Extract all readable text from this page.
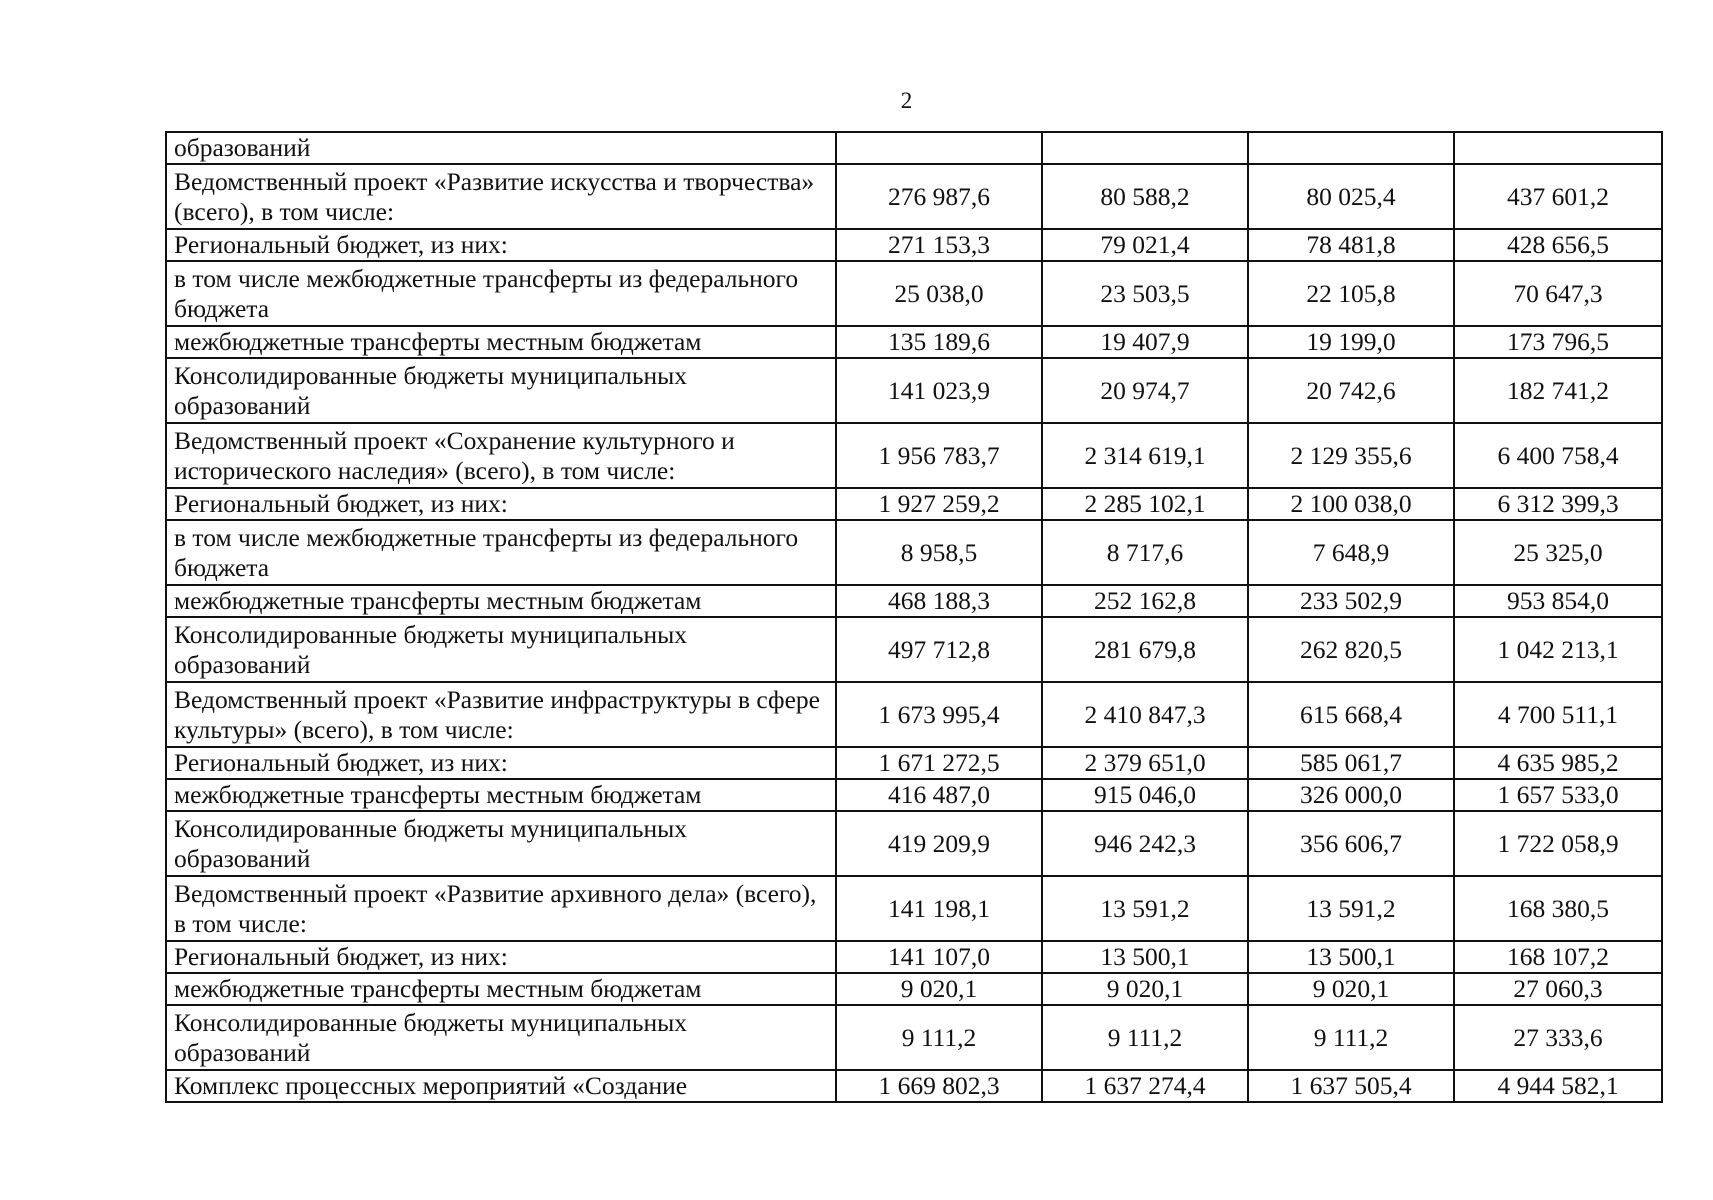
2
образований				
Ведомственный проект «Развитие искусства и творчества» (всего), в том числе:	276 987,6	80 588,2	80 025,4	437 601,2
Региональный бюджет, из них:	271 153,3	79 021,4	78 481,8	428 656,5
в том числе межбюджетные трансферты из федерального бюджета	25 038,0	23 503,5	22 105,8	70 647,3
межбюджетные трансферты местным бюджетам	135 189,6	19 407,9	19 199,0	173 796,5
Консолидированные бюджеты муниципальных образований	141 023,9	20 974,7	20 742,6	182 741,2
Ведомственный проект «Сохранение культурного и исторического наследия» (всего), в том числе:	1 956 783,7	2 314 619,1	2 129 355,6	6 400 758,4
Региональный бюджет, из них:	1 927 259,2	2 285 102,1	2 100 038,0	6 312 399,3
в том числе межбюджетные трансферты из федерального бюджета	8 958,5	8 717,6	7 648,9	25 325,0
межбюджетные трансферты местным бюджетам	468 188,3	252 162,8	233 502,9	953 854,0
Консолидированные бюджеты муниципальных образований	497 712,8	281 679,8	262 820,5	1 042 213,1
Ведомственный проект «Развитие инфраструктуры в сфере культуры» (всего), в том числе:	1 673 995,4	2 410 847,3	615 668,4	4 700 511,1
Региональный бюджет, из них:	1 671 272,5	2 379 651,0	585 061,7	4 635 985,2
межбюджетные трансферты местным бюджетам	416 487,0	915 046,0	326 000,0	1 657 533,0
Консолидированные бюджеты муниципальных образований	419 209,9	946 242,3	356 606,7	1 722 058,9
Ведомственный проект «Развитие архивного дела» (всего), в том числе:	141 198,1	13 591,2	13 591,2	168 380,5
Региональный бюджет, из них:	141 107,0	13 500,1	13 500,1	168 107,2
межбюджетные трансферты местным бюджетам	9 020,1	9 020,1	9 020,1	27 060,3
Консолидированные бюджеты муниципальных образований	9 111,2	9 111,2	9 111,2	27 333,6
Комплекс процессных мероприятий «Создание	1 669 802,3	1 637 274,4	1 637 505,4	4 944 582,1
